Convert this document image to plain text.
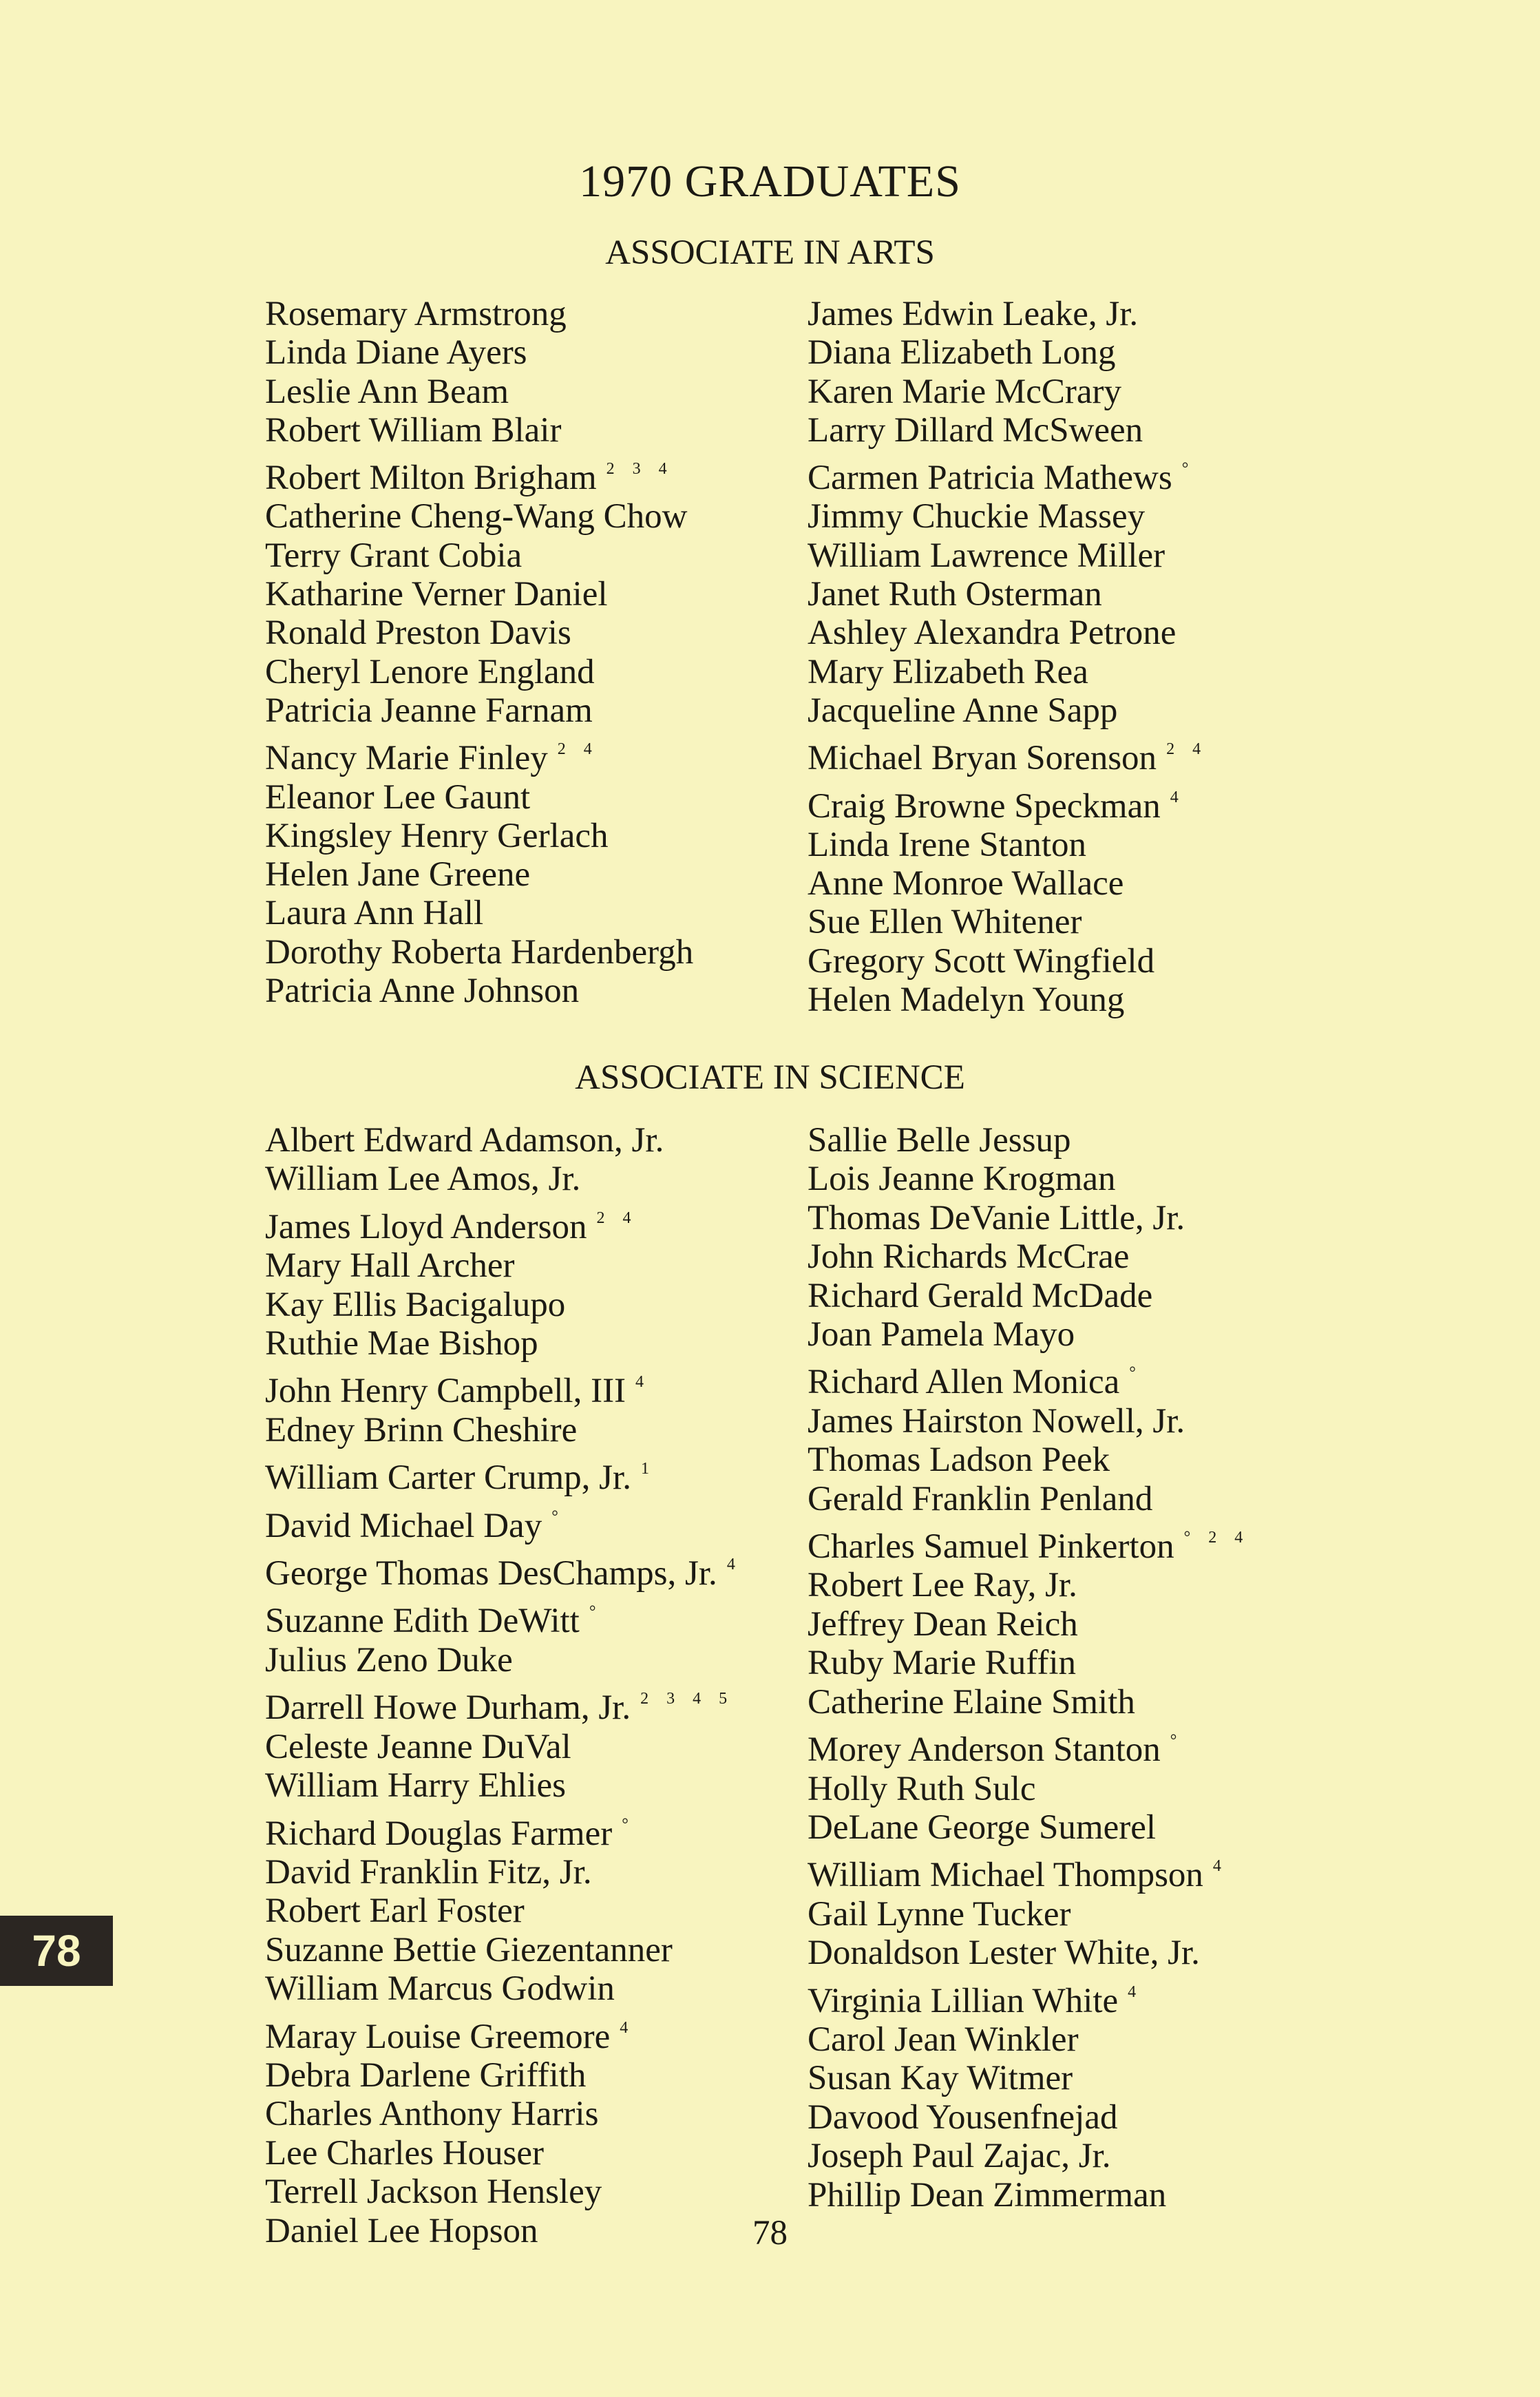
1970 GRADUATES
ASSOCIATE IN ARTS
Rosemary Armstrong
Linda Diane Ayers
Leslie Ann Beam
Robert William Blair
Robert Milton Brigham $^{2 3 4}$
Catherine Cheng-Wang Chow
Terry Grant Cobia
Katharine Verner Daniel
Ronald Preston Davis
Cheryl Lenore England
Patricia Jeanne Farnam
Nancy Marie Finley $^{2 4}$
Eleanor Lee Gaunt
Kingsley Henry Gerlach
Helen Jane Greene
Laura Ann Hall
Dorothy Roberta Hardenbergh
Patricia Anne Johnson
James Edwin Leake, Jr.
Diana Elizabeth Long
Karen Marie McCrary
Larry Dillard McSween
Carmen Patricia Mathews °
Jimmy Chuckie Massey
William Lawrence Miller
Janet Ruth Osterman
Ashley Alexandra Petrone
Mary Elizabeth Rea
Jacqueline Anne Sapp
Michael Bryan Sorenson $^{2 4}$
Craig Browne Speckman $^4$
Linda Irene Stanton
Anne Monroe Wallace
Sue Ellen Whitener
Gregory Scott Wingfield
Helen Madelyn Young
ASSOCIATE IN SCIENCE
Albert Edward Adamson, Jr.
William Lee Amos, Jr.
James Lloyd Anderson $^{2 4}$
Mary Hall Archer
Kay Ellis Bacigalupo
Ruthie Mae Bishop
John Henry Campbell, III $^4$
Edney Brinn Cheshire
William Carter Crump, Jr. $^1$
David Michael Day °
George Thomas DesChamps, Jr. $^4$
Suzanne Edith DeWitt °
Julius Zeno Duke
Darrell Howe Durham, Jr. $^{2 3 4 5}$
Celeste Jeanne DuVal
William Harry Ehlies
Richard Douglas Farmer °
David Franklin Fitz, Jr.
Robert Earl Foster
Suzanne Bettie Giezentanner
William Marcus Godwin
Maray Louise Greemore $^4$
Debra Darlene Griffith
Charles Anthony Harris
Lee Charles Houser
Terrell Jackson Hensley
Daniel Lee Hopson
Sallie Belle Jessup
Lois Jeanne Krogman
Thomas DeVanie Little, Jr.
John Richards McCrae
Richard Gerald McDade
Joan Pamela Mayo
Richard Allen Monica °
James Hairston Nowell, Jr.
Thomas Ladson Peek
Gerald Franklin Penland
Charles Samuel Pinkerton $^{^\circ 2 4}$
Robert Lee Ray, Jr.
Jeffrey Dean Reich
Ruby Marie Ruffin
Catherine Elaine Smith
Morey Anderson Stanton °
Holly Ruth Sulc
DeLane George Sumerel
William Michael Thompson $^4$
Gail Lynne Tucker
Donaldson Lester White, Jr.
Virginia Lillian White $^4$
Carol Jean Winkler
Susan Kay Witmer
Davood Yousenfnejad
Joseph Paul Zajac, Jr.
Phillip Dean Zimmerman
78
78
